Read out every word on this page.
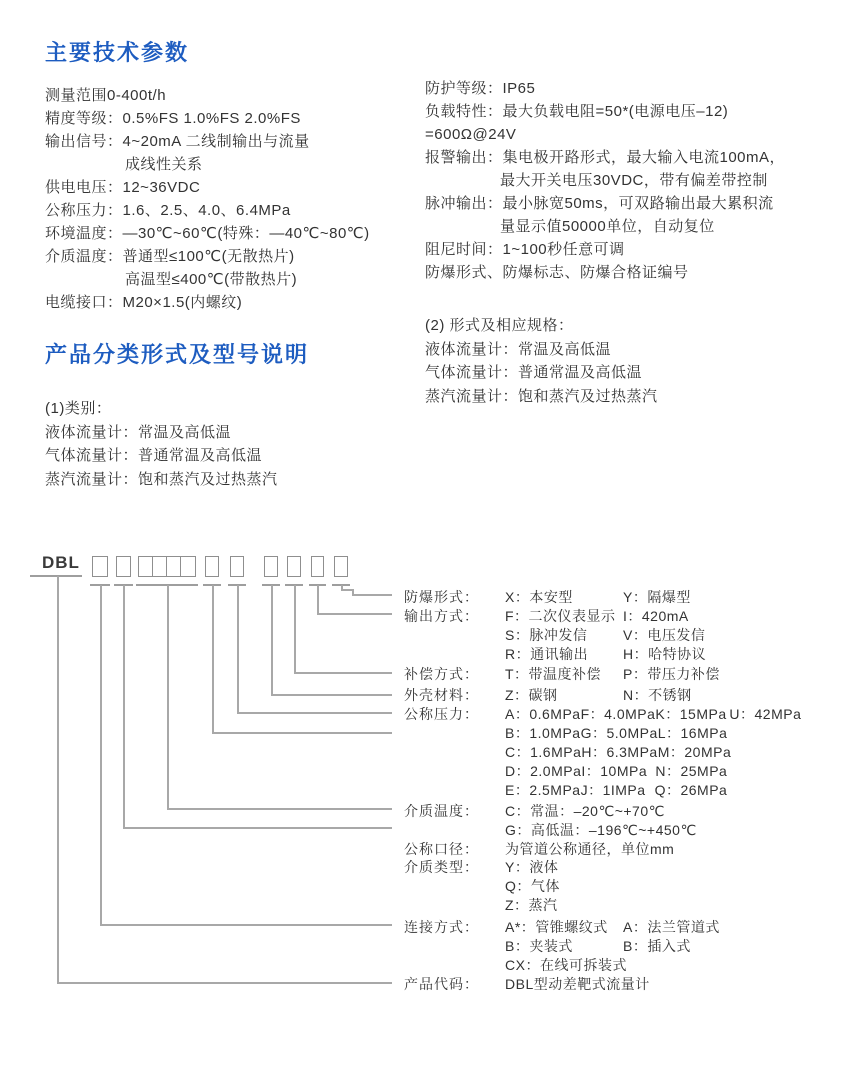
主要技术参数
测量范围0-400t/h
精度等级：0.5%FS 1.0%FS 2.0%FS
输出信号：4~20mA 二线制输出与流量
成线性关系
供电电压：12~36VDC
公称压力：1.6、2.5、4.0、6.4MPa
环境温度：—30℃~60℃(特殊：—40℃~80℃)
介质温度：普通型≤100℃(无散热片)
高温型≤400℃(带散热片)
电缆接口：M20×1.5(内螺纹)
防护等级：IP65
负载特性：最大负载电阻=50*(电源电压–12)
=600Ω@24V
报警输出：集电极开路形式，最大输入电流100mA，
最大开关电压30VDC，带有偏差带控制
脉冲输出：最小脉宽50ms，可双路输出最大累积流
量显示值50000单位，自动复位
阻尼时间：1~100秒任意可调
防爆形式、防爆标志、防爆合格证编号
产品分类形式及型号说明
(1)类别：
液体流量计：常温及高低温
气体流量计：普通常温及高低温
蒸汽流量计：饱和蒸汽及过热蒸汽
(2) 形式及相应规格：
液体流量计：常温及高低温
气体流量计：普通常温及高低温
蒸汽流量计：饱和蒸汽及过热蒸汽
DBL
防爆形式： X：本安型	Y：隔爆型
输出方式： F：二次仪表显示 I：420mA
S：脉冲发信	V：电压发信
R：通讯输出	H：哈特协议
补偿方式： T：带温度补偿	P：带压力补偿
外壳材料： Z：碳钢	N：不锈钢
公称压力： A：0.6MPa F：4.0MPa K：15MPa U：42MPa
B：1.0MPa G：5.0MPa L：16MPa
C：1.6MPa H：6.3MPa M：20MPa
D：2.0MPa I：10MPa N：25MPa
E：2.5MPa J：1IMPa Q：26MPa
介质温度： C：常温：–20℃~+70℃
G：高低温：–196℃~+450℃
公称口径： 为管道公称通径，单位mm
介质类型： Y：液体
Q：气体
Z：蒸汽
连接方式： A*：管锥螺纹式	A：法兰管道式
B：夹装式	B：插入式
CX：在线可拆装式
产品代码： DBL型动差靶式流量计
